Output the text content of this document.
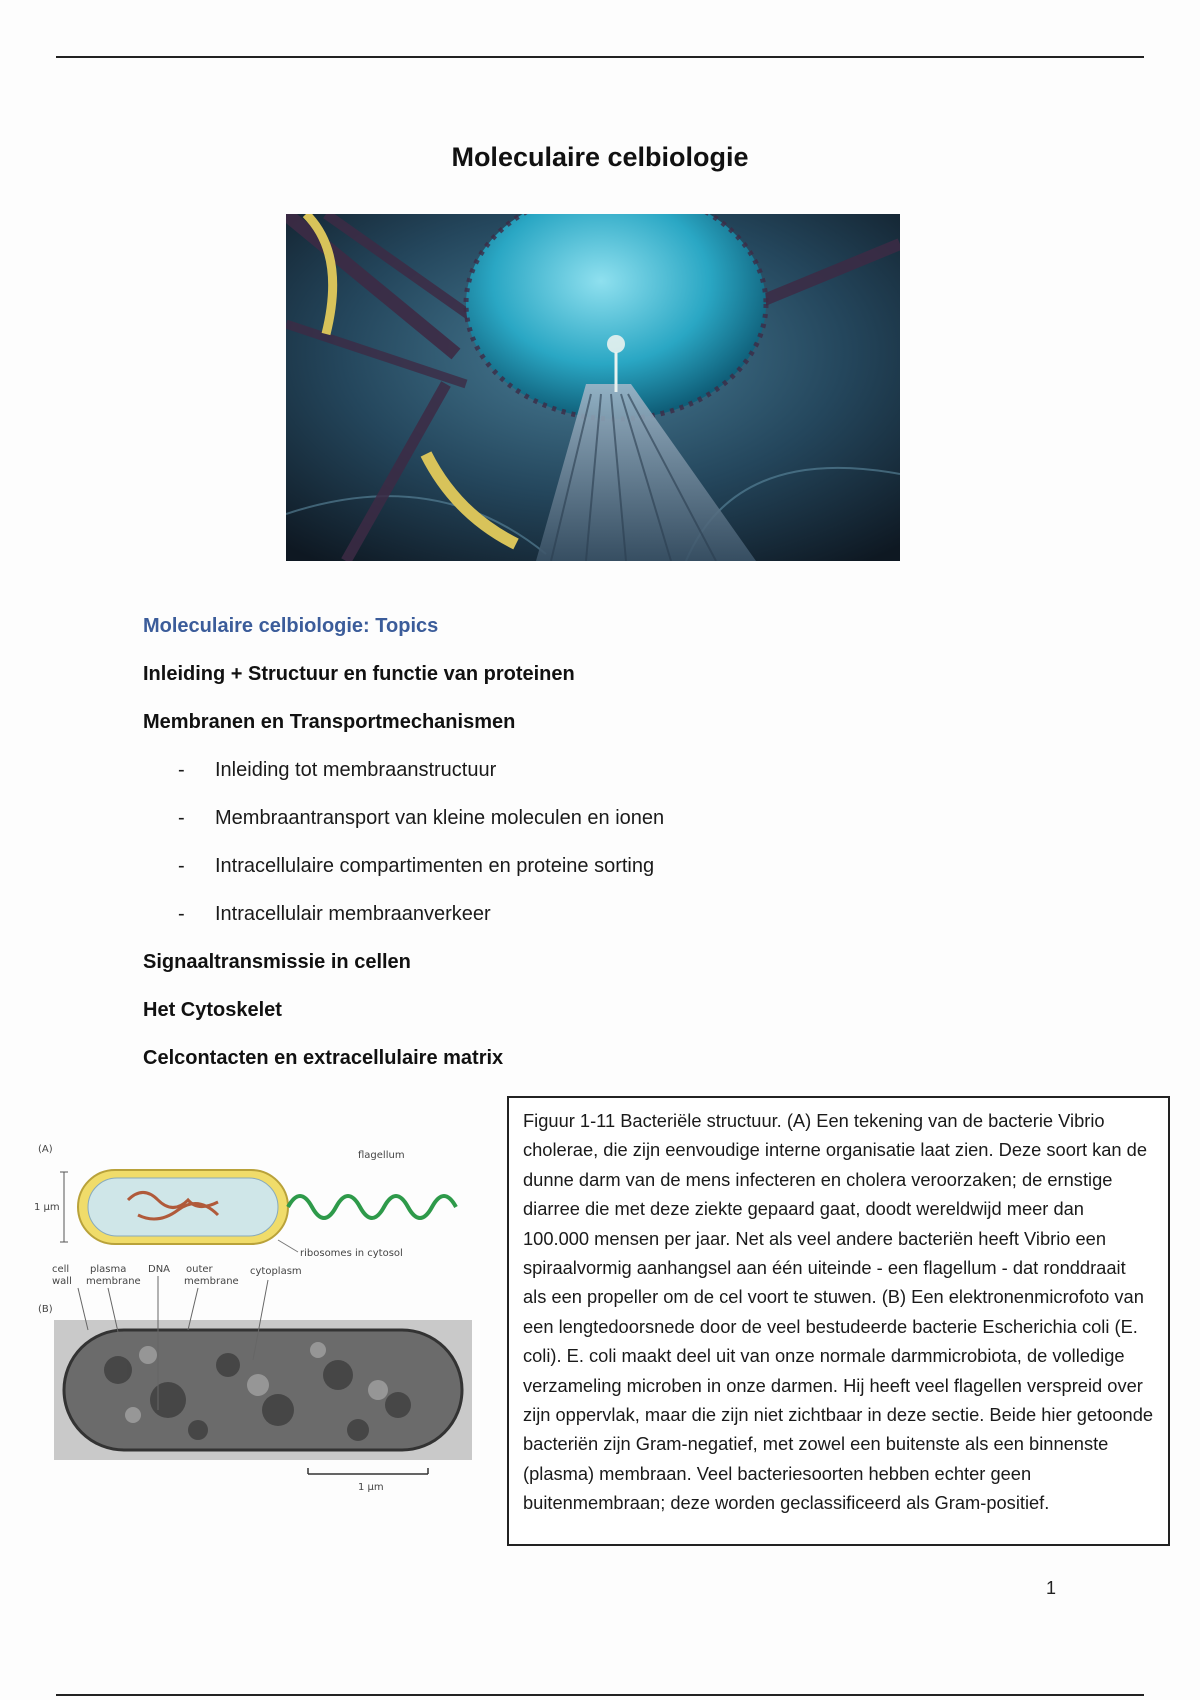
Moleculaire celbiologie
Moleculaire celbiologie: Topics
Inleiding + Structuur en functie van proteinen
Membranen en Transportmechanismen
- Inleiding tot membraanstructuur
- Membraantransport van kleine moleculen en ionen
- Intracellulaire compartimenten en proteine sorting
- Intracellulair membraanverkeer
Signaaltransmissie in cellen
Het Cytoskelet
Celcontacten en extracellulaire matrix
(A)
1 µm
flagellum
ribosomes in cytosol
cell
wall
plasma
membrane
DNA outer
membrane
cytoplasm
(B)
1 µm

Figuur 1-11 Bacteriële structuur. (A) Een tekening van de bacterie Vibrio cholerae, die zijn eenvoudige interne organisatie laat zien. Deze soort kan de dunne darm van de mens infecteren en cholera veroorzaken; de ernstige diarree die met deze ziekte gepaard gaat, doodt wereldwijd meer dan 100.000 mensen per jaar. Net als veel andere bacteriën heeft Vibrio een spiraalvormig aanhangsel aan één uiteinde - een flagellum - dat ronddraait als een propeller om de cel voort te stuwen. (B) Een elektronenmicrofoto van een lengtedoorsnede door de veel bestudeerde bacterie Escherichia coli (E. coli). E. coli maakt deel uit van onze normale darmmicrobiota, de volledige verzameling microben in onze darmen. Hij heeft veel flagellen verspreid over zijn oppervlak, maar die zijn niet zichtbaar in deze sectie. Beide hier getoonde bacteriën zijn Gram-negatief, met zowel een buitenste als een binnenste (plasma) membraan. Veel bacteriesoorten hebben echter geen buitenmembraan; deze worden geclassificeerd als Gram-positief.

1
